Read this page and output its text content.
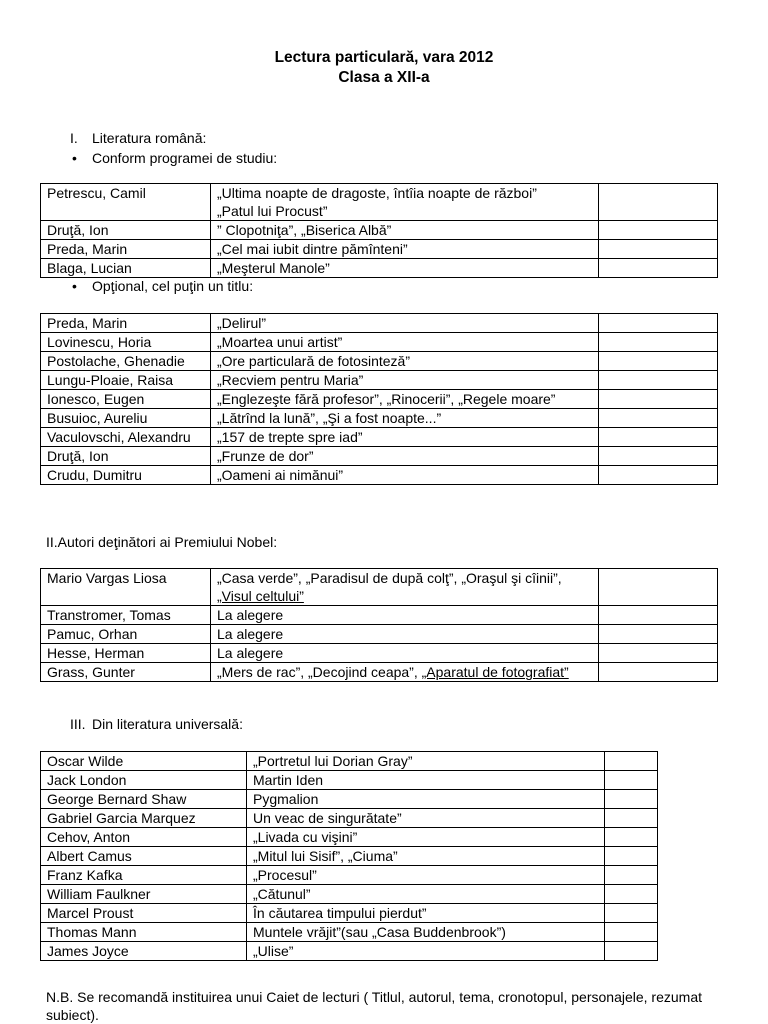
Lectura particulară, vara 2012
Clasa a XII-a
I. Literatura română:
• Conform programei de studiu:
Petrescu, Camil	„Ultima noapte de dragoste, întîia noapte de război”
„Patul lui Procust”	
Druţă, Ion	” Clopotniţa”, „Biserica Albă”	
Preda, Marin	„Cel mai iubit dintre pămînteni”	
Blaga, Lucian	„Meşterul Manole”	
• Opţional, cel puţin un titlu:
Preda, Marin	„Delirul”	
Lovinescu, Horia	„Moartea unui artist”	
Postolache, Ghenadie	„Ore particulară de fotosinteză”	
Lungu-Ploaie, Raisa	„Recviem pentru Maria”	
Ionesco, Eugen	„Englezeşte fără profesor”, „Rinocerii”, „Regele moare”	
Busuioc, Aureliu	„Lătrînd la lună”, „Şi a fost noapte...”	
Vaculovschi, Alexandru	„157 de trepte spre iad”	
Druţă, Ion	„Frunze de dor”	
Crudu, Dumitru	„Oameni ai nimănui”	
II.Autori deţinători ai Premiului Nobel:
Mario Vargas Liosa	„Casa verde”, „Paradisul de după colţ”, „Oraşul şi cîinii”, „Visul celtului”	
Transtromer, Tomas	La alegere	
Pamuc, Orhan	La alegere	
Hesse, Herman	La alegere	
Grass, Gunter	„Mers de rac”, „Decojind ceapa”, „Aparatul de fotografiat”	
III. Din literatura universală:
Oscar Wilde	„Portretul lui Dorian Gray”	
Jack London	Martin Iden	
George Bernard Shaw	Pygmalion	
Gabriel Garcia Marquez	Un veac de singurătate”	
Cehov, Anton	„Livada cu vişini”	
Albert Camus	„Mitul lui Sisif”, „Ciuma”	
Franz Kafka	„Procesul”	
William Faulkner	„Cătunul”	
Marcel Proust	În căutarea timpului pierdut”	
Thomas Mann	Muntele vrăjit”(sau „Casa Buddenbrook”)	
James Joyce	„Ulise”	
N.B. Se recomandă instituirea unui Caiet de lecturi ( Titlul, autorul, tema, cronotopul, personajele, rezumat subiect).
